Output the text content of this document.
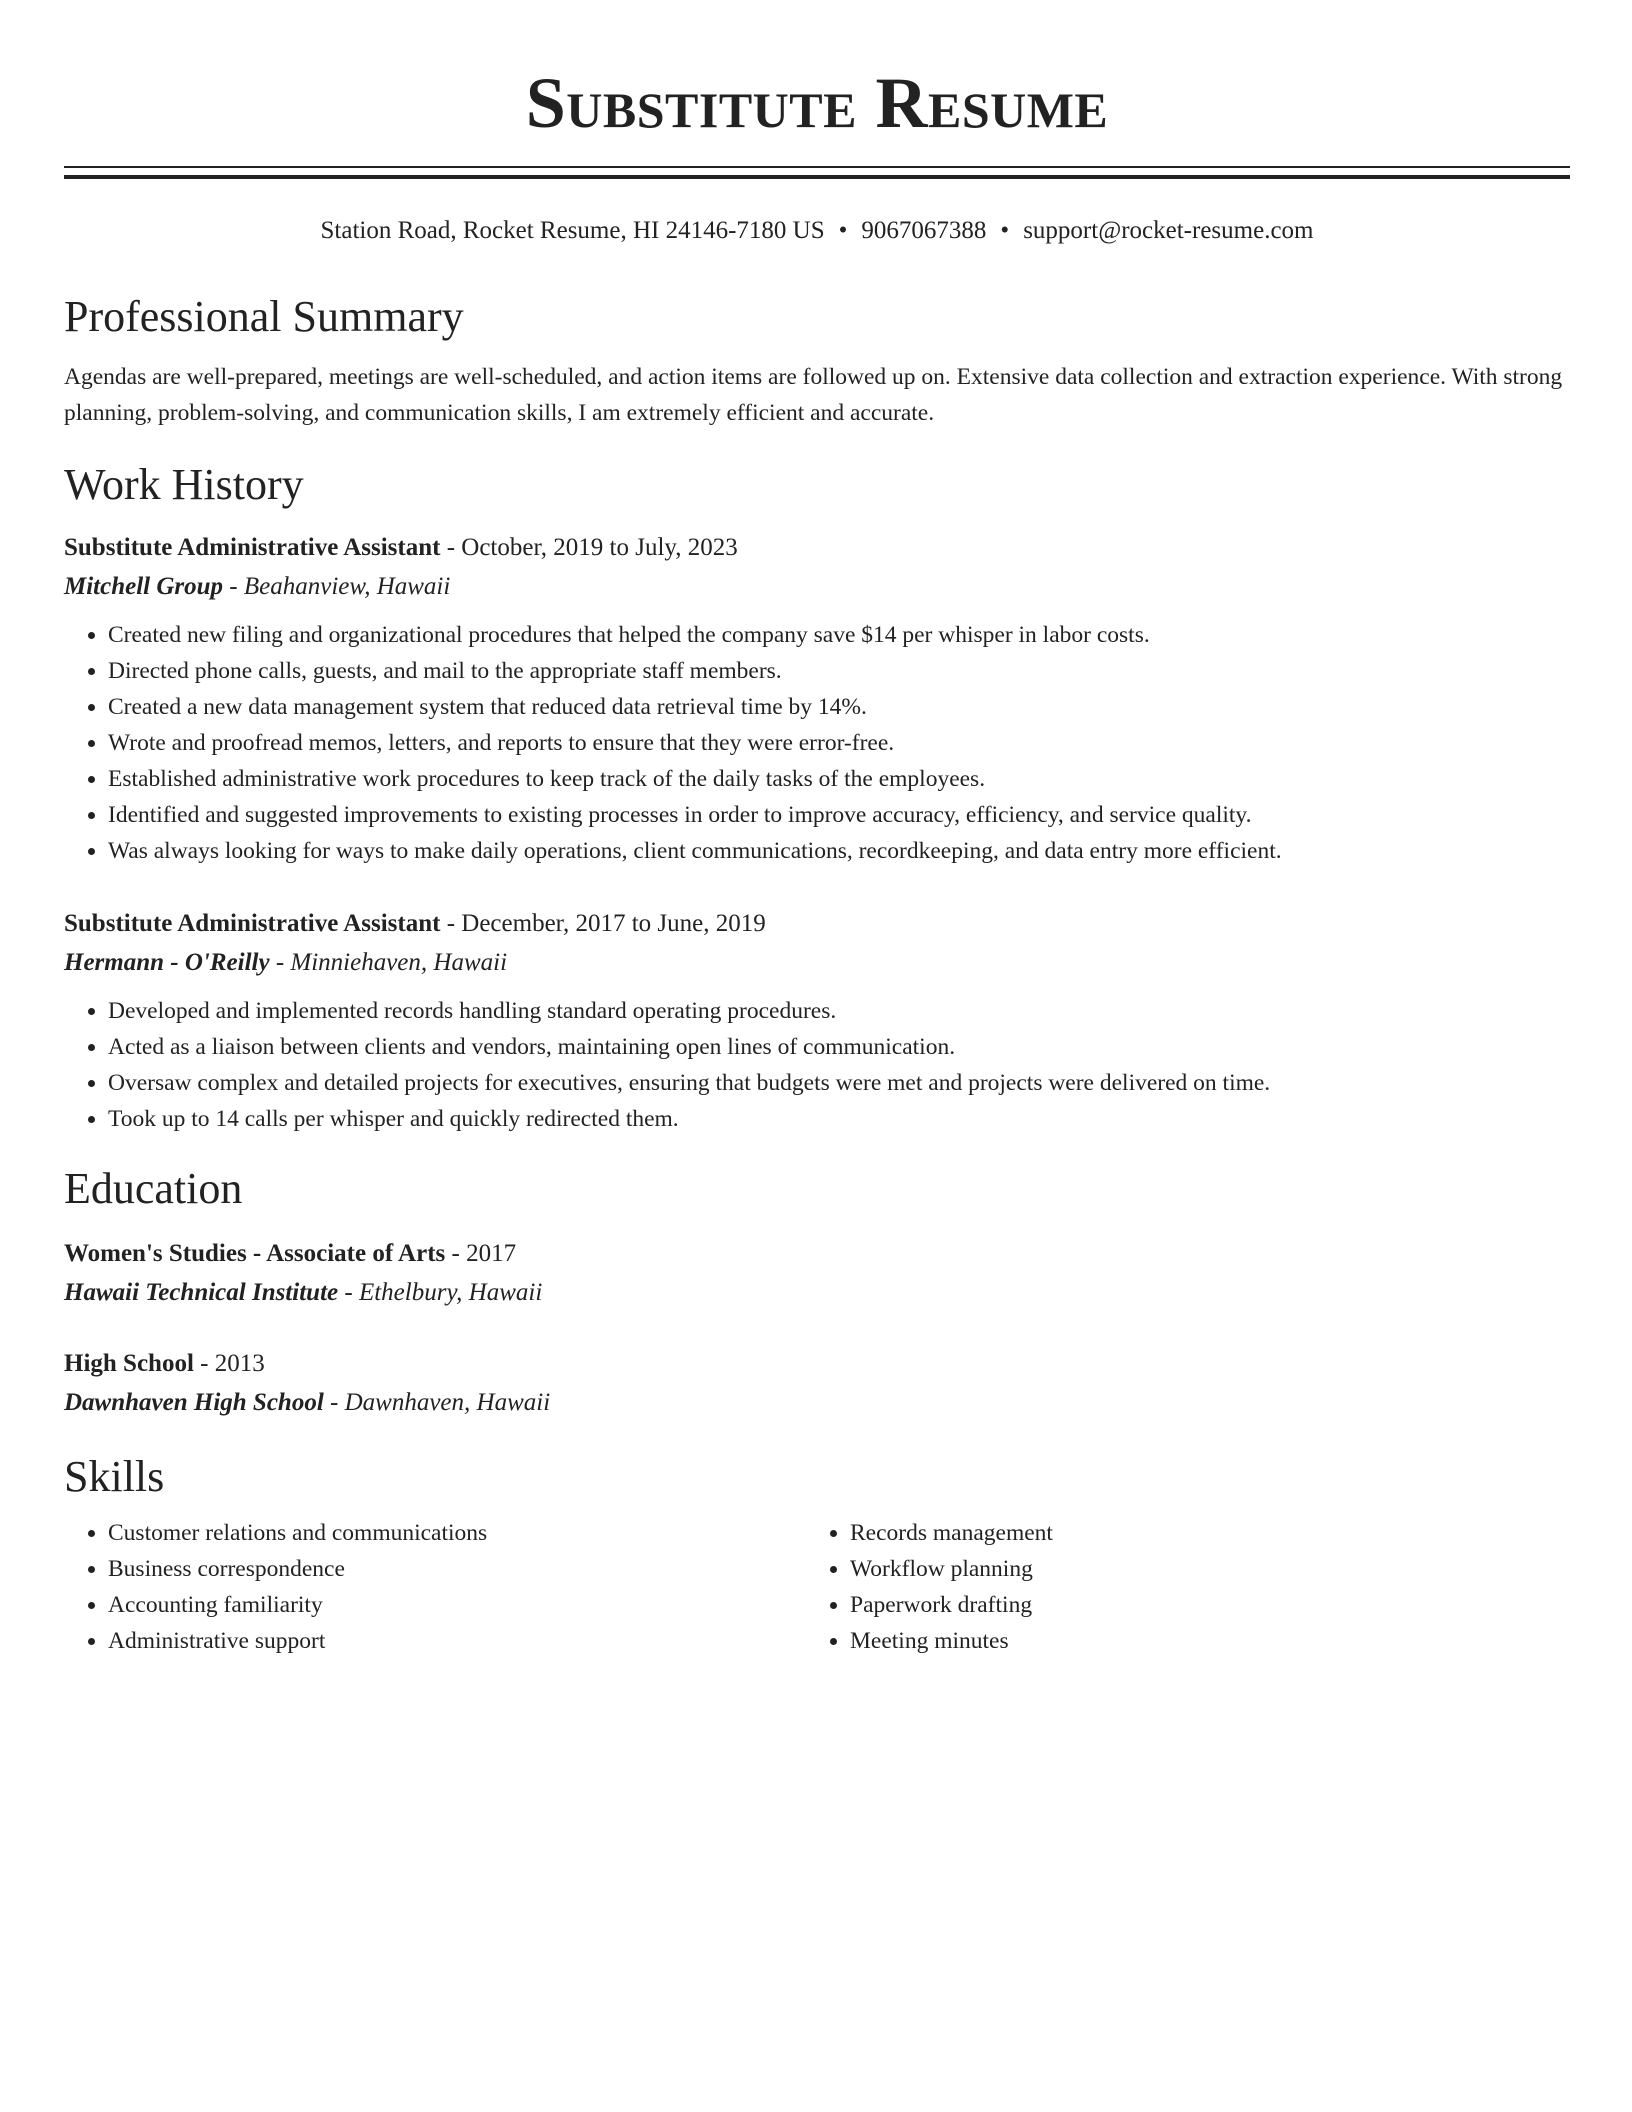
Substitute Resume
Station Road, Rocket Resume, HI 24146-7180 US • 9067067388 • support@rocket-resume.com
Professional Summary

Agendas are well-prepared, meetings are well-scheduled, and action items are followed up on. Extensive data collection and extraction experience. With strong planning, problem-solving, and communication skills, I am extremely efficient and accurate.

Work History
Substitute Administrative Assistant - October, 2019 to July, 2023
Mitchell Group - Beahanview, Hawaii
• Created new filing and organizational procedures that helped the company save $14 per whisper in labor costs.
• Directed phone calls, guests, and mail to the appropriate staff members.
• Created a new data management system that reduced data retrieval time by 14%.
• Wrote and proofread memos, letters, and reports to ensure that they were error-free.
• Established administrative work procedures to keep track of the daily tasks of the employees.
• Identified and suggested improvements to existing processes in order to improve accuracy, efficiency, and service quality.
• Was always looking for ways to make daily operations, client communications, recordkeeping, and data entry more efficient.
Substitute Administrative Assistant - December, 2017 to June, 2019
Hermann - O'Reilly - Minniehaven, Hawaii
• Developed and implemented records handling standard operating procedures.
• Acted as a liaison between clients and vendors, maintaining open lines of communication.
• Oversaw complex and detailed projects for executives, ensuring that budgets were met and projects were delivered on time.
• Took up to 14 calls per whisper and quickly redirected them.
Education
Women's Studies - Associate of Arts - 2017
Hawaii Technical Institute - Ethelbury, Hawaii
High School - 2013
Dawnhaven High School - Dawnhaven, Hawaii
Skills
• Customer relations and communications
• Business correspondence
• Accounting familiarity
• Administrative support
• Records management
• Workflow planning
• Paperwork drafting
• Meeting minutes
